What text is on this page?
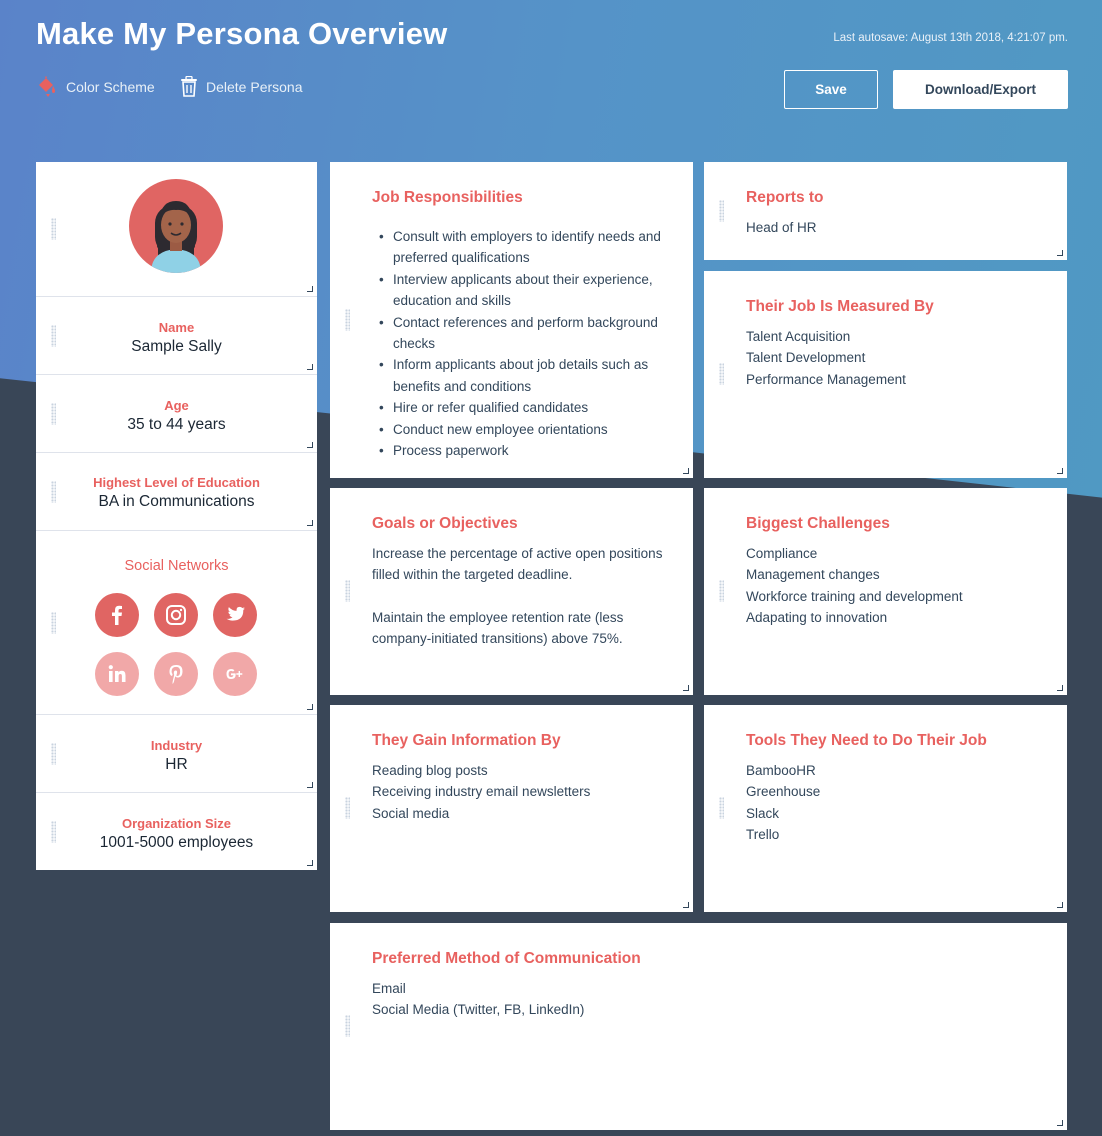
Make My Persona Overview	Last autosave: August 13th 2018, 4:21:07 pm.
Color Scheme	Delete Persona	Save	Download/Export
Name
Sample Sally
Age
35 to 44 years
Highest Level of Education
BA in Communications
Social Networks
Industry
HR
Organization Size
1001-5000 employees
Job Responsibilities
• Consult with employers to identify needs and preferred qualifications
• Interview applicants about their experience, education and skills
• Contact references and perform background checks
• Inform applicants about job details such as benefits and conditions
• Hire or refer qualified candidates
• Conduct new employee orientations
• Process paperwork
Reports to
Head of HR
Their Job Is Measured By
Talent Acquisition
Talent Development
Performance Management
Goals or Objectives
Increase the percentage of active open positions filled within the targeted deadline.
Maintain the employee retention rate (less company-initiated transitions) above 75%.
Biggest Challenges
Compliance
Management changes
Workforce training and development
Adapating to innovation
They Gain Information By
Reading blog posts
Receiving industry email newsletters
Social media
Tools They Need to Do Their Job
BambooHR
Greenhouse
Slack
Trello
Preferred Method of Communication
Email
Social Media (Twitter, FB, LinkedIn)
